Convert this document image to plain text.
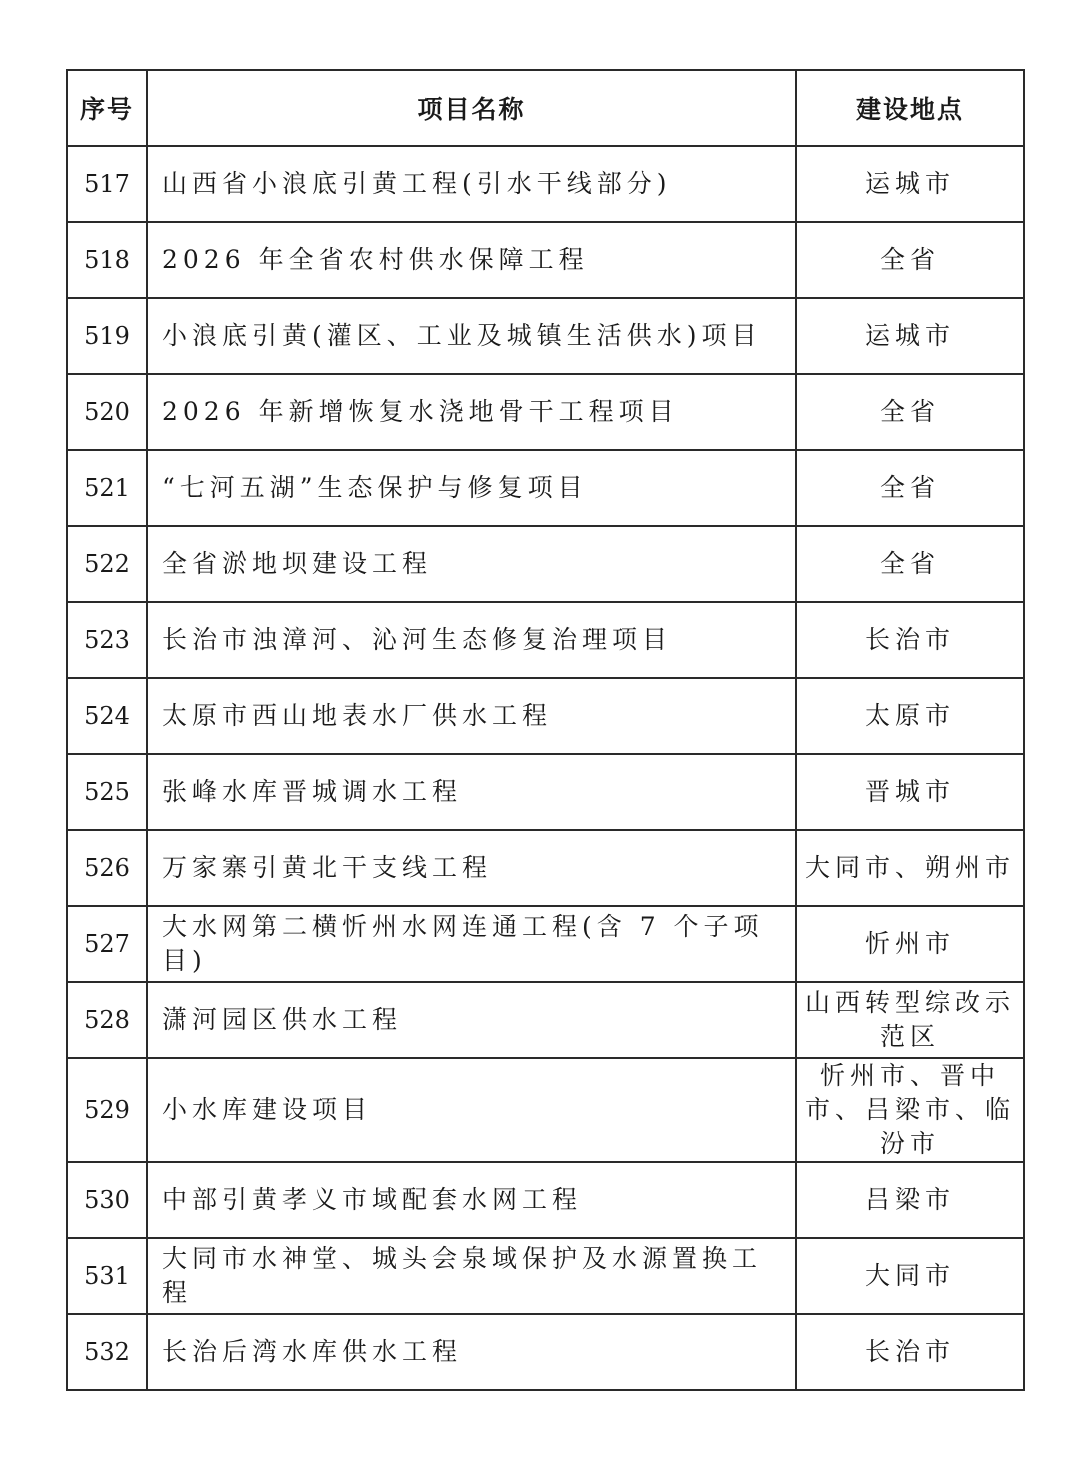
序号	项目名称	建设地点
517	山西省小浪底引黄工程(引水干线部分)	运城市
518	2026 年全省农村供水保障工程	全省
519	小浪底引黄(灌区、工业及城镇生活供水)项目	运城市
520	2026 年新增恢复水浇地骨干工程项目	全省
521	“七河五湖”生态保护与修复项目	全省
522	全省淤地坝建设工程	全省
523	长治市浊漳河、沁河生态修复治理项目	长治市
524	太原市西山地表水厂供水工程	太原市
525	张峰水库晋城调水工程	晋城市
526	万家寨引黄北干支线工程	大同市、朔州市
527	大水网第二横忻州水网连通工程(含 7 个子项目)	忻州市
528	潇河园区供水工程	山西转型综改示范区
529	小水库建设项目	忻州市、晋中市、吕梁市、临汾市
530	中部引黄孝义市域配套水网工程	吕梁市
531	大同市水神堂、城头会泉域保护及水源置换工程	大同市
532	长治后湾水库供水工程	长治市
